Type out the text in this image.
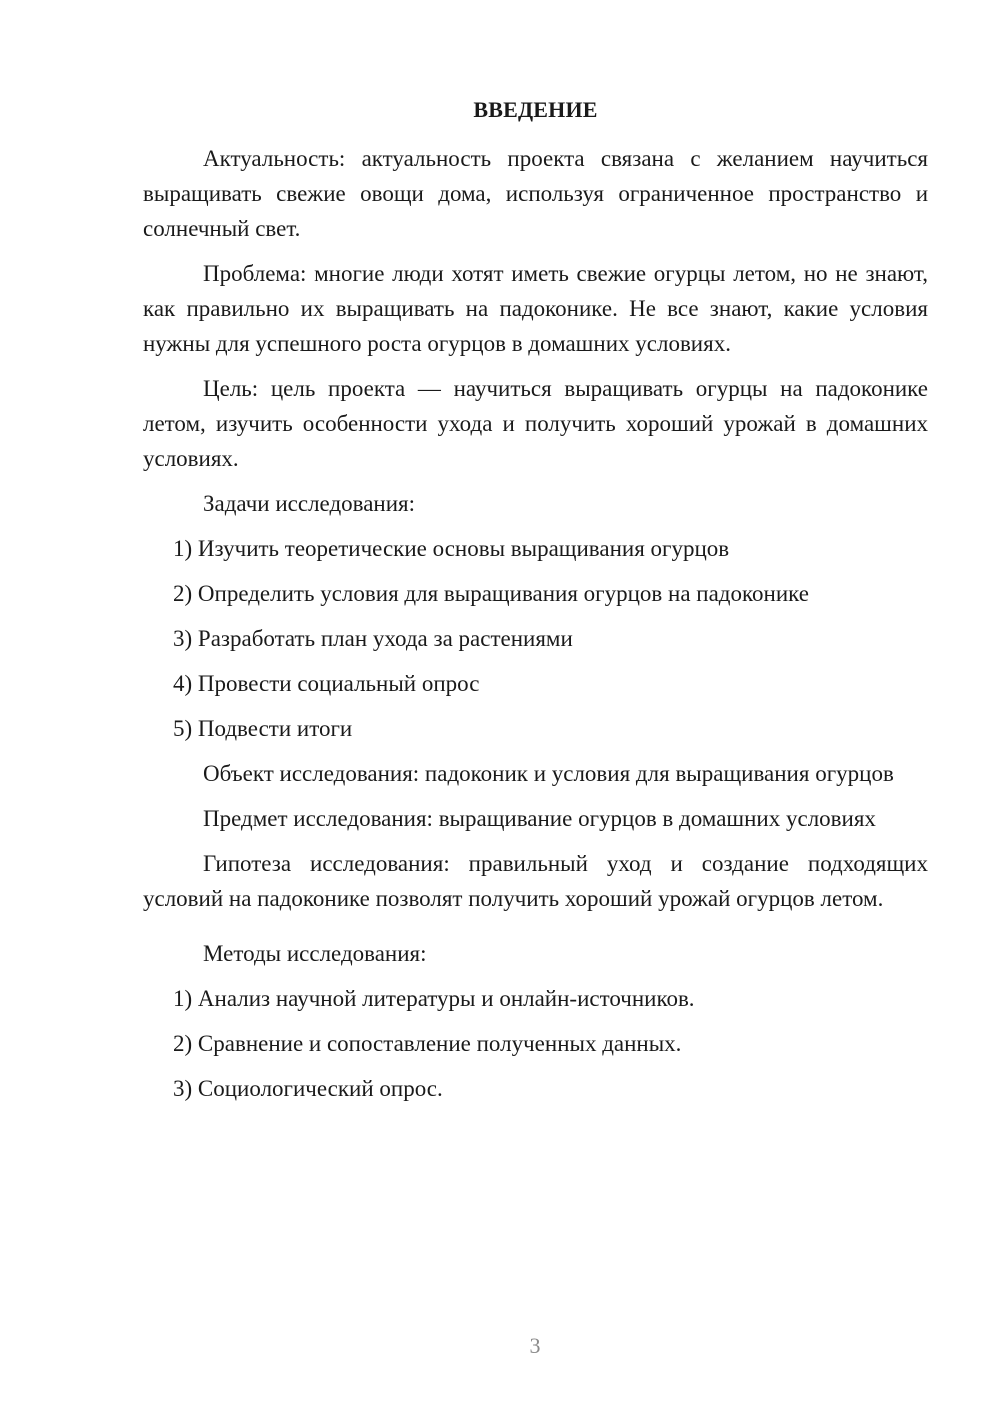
ВВЕДЕНИЕ

Актуальность: актуальность проекта связана с желанием научиться выращивать свежие овощи дома, используя ограниченное пространство и солнечный свет.

Проблема: многие люди хотят иметь свежие огурцы летом, но не знают, как правильно их выращивать на падоконике. Не все знают, какие условия нужны для успешного роста огурцов в домашних условиях.

Цель: цель проекта — научиться выращивать огурцы на падоконике летом, изучить особенности ухода и получить хороший урожай в домашних условиях.

Задачи исследования:

1) Изучить теоретические основы выращивания огурцов

2) Определить условия для выращивания огурцов на падоконике

3) Разработать план ухода за растениями

4) Провести социальный опрос

5) Подвести итоги

Объект исследования: падоконик и условия для выращивания огурцов

Предмет исследования: выращивание огурцов в домашних условиях

Гипотеза исследования: правильный уход и создание подходящих условий на падоконике позволят получить хороший урожай огурцов летом.

Методы исследования:

1) Анализ научной литературы и онлайн-источников.

2) Сравнение и сопоставление полученных данных.

3) Социологический опрос.

3
